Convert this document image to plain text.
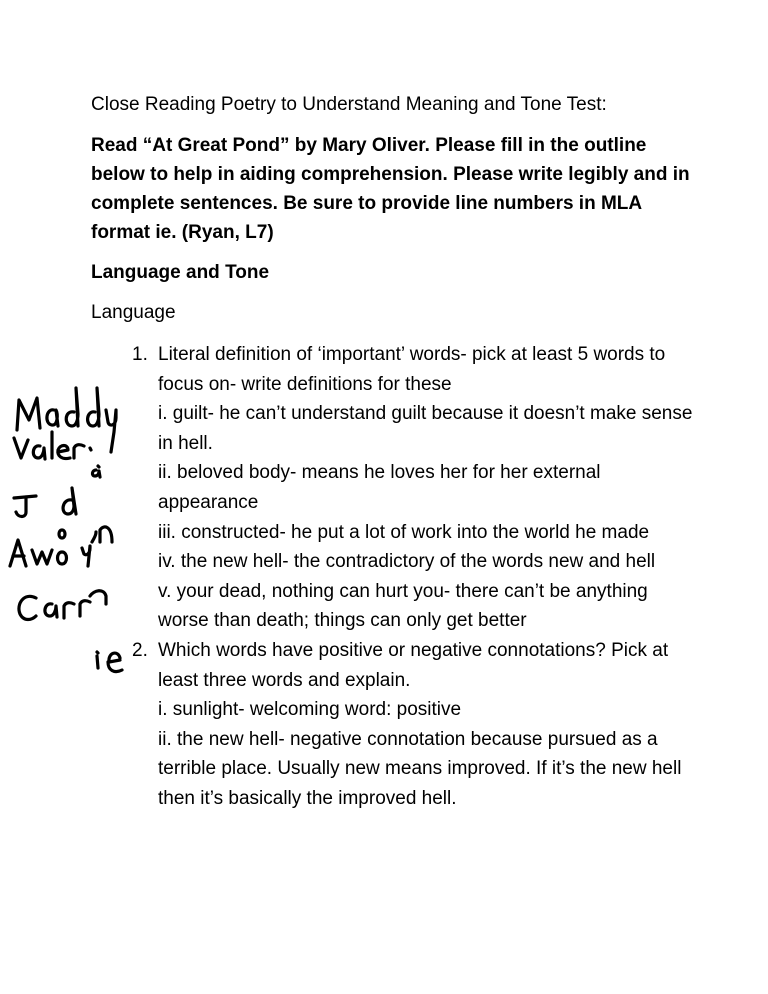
Close Reading Poetry to Understand Meaning and Tone Test:
Read “At Great Pond” by Mary Oliver. Please fill in the outline below to help in aiding comprehension. Please write legibly and in complete sentences. Be sure to provide line numbers in MLA format ie. (Ryan, L7)
Language and Tone
Language
1. Literal definition of ‘important’ words- pick at least 5 words to focus on- write definitions for these

i. guilt- he can’t understand guilt because it doesn’t make sense in hell.

ii. beloved body- means he loves her for her external appearance

iii. constructed- he put a lot of work into the world he made

iv. the new hell- the contradictory of the words new and hell

v. your dead, nothing can hurt you- there can’t be anything worse than death; things can only get better

2. Which words have positive or negative connotations? Pick at least three words and explain.

i. sunlight- welcoming word: positive

ii. the new hell- negative connotation because pursued as a terrible place. Usually new means improved. If it’s the new hell then it’s basically the improved hell.
